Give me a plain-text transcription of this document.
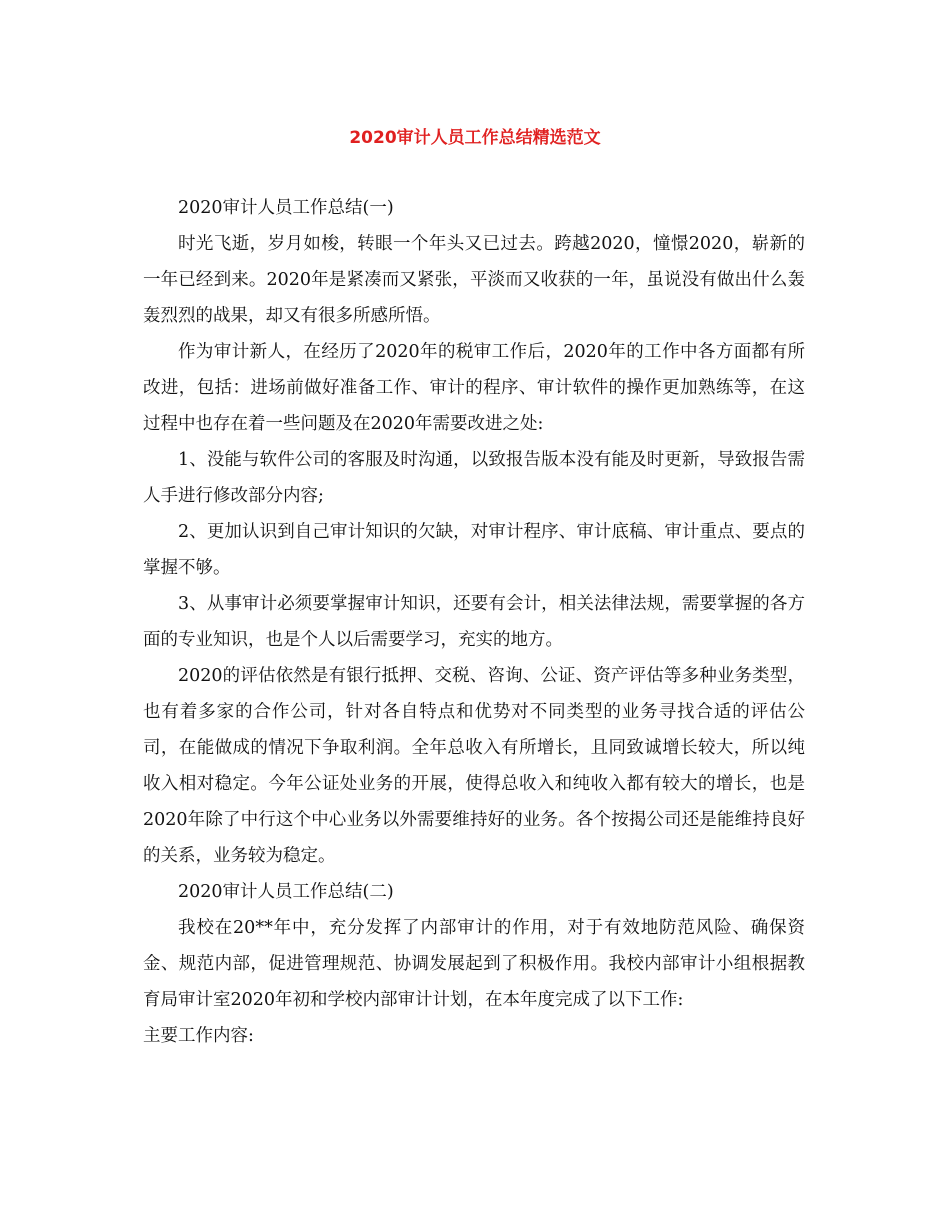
2020审计人员工作总结精选范文

2020审计人员工作总结(一)

时光飞逝，岁月如梭，转眼一个年头又已过去。跨越2020，憧憬2020，崭新的一年已经到来。2020年是紧凑而又紧张，平淡而又收获的一年，虽说没有做出什么轰轰烈烈的战果，却又有很多所感所悟。

作为审计新人，在经历了2020年的税审工作后，2020年的工作中各方面都有所改进，包括：进场前做好准备工作、审计的程序、审计软件的操作更加熟练等，在这过程中也存在着一些问题及在2020年需要改进之处:

1、没能与软件公司的客服及时沟通，以致报告版本没有能及时更新，导致报告需人手进行修改部分内容;

2、更加认识到自己审计知识的欠缺，对审计程序、审计底稿、审计重点、要点的掌握不够。

3、从事审计必须要掌握审计知识，还要有会计，相关法律法规，需要掌握的各方面的专业知识，也是个人以后需要学习，充实的地方。

2020的评估依然是有银行抵押、交税、咨询、公证、资产评估等多种业务类型，也有着多家的合作公司，针对各自特点和优势对不同类型的业务寻找合适的评估公司，在能做成的情况下争取利润。全年总收入有所增长，且同致诚增长较大，所以纯收入相对稳定。今年公证处业务的开展，使得总收入和纯收入都有较大的增长，也是2020年除了中行这个中心业务以外需要维持好的业务。各个按揭公司还是能维持良好的关系，业务较为稳定。

2020审计人员工作总结(二)

我校在20**年中，充分发挥了内部审计的作用，对于有效地防范风险、确保资金、规范内部，促进管理规范、协调发展起到了积极作用。我校内部审计小组根据教育局审计室2020年初和学校内部审计计划，在本年度完成了以下工作:

主要工作内容:
